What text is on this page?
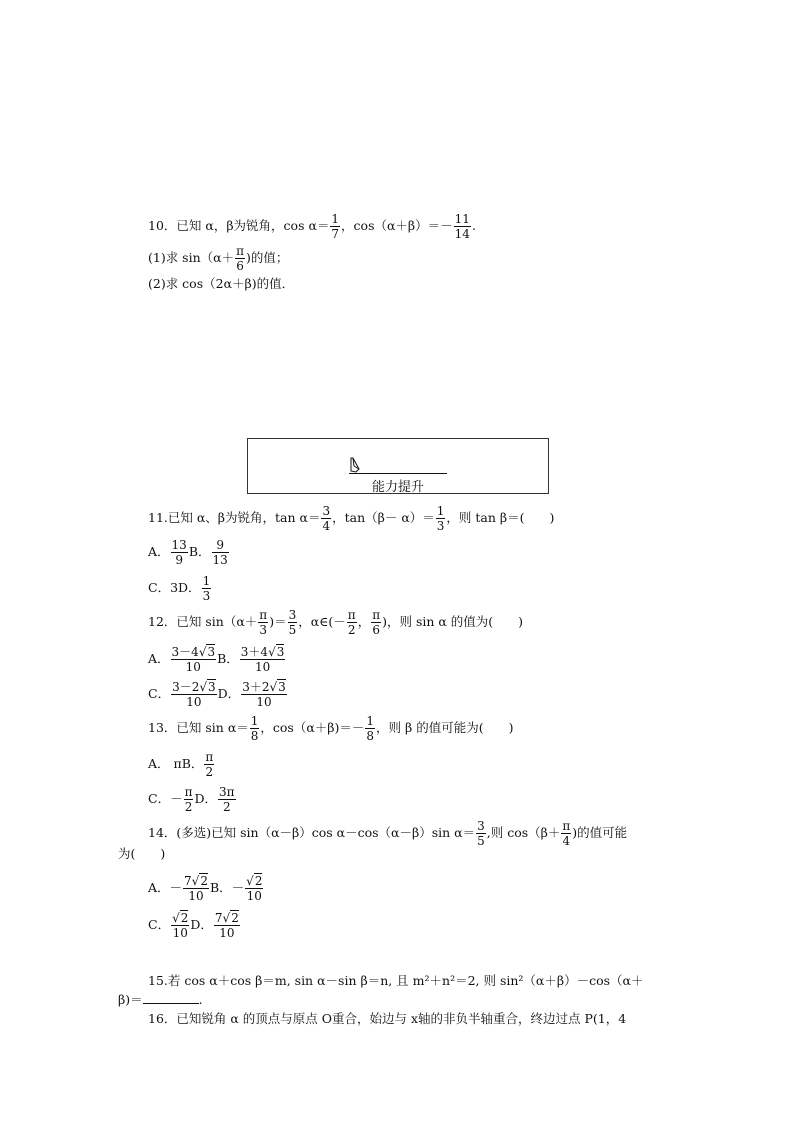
10．已知 α，β为锐角，$\cos \alpha= \frac{1}{7}$ ，$\cos(\alpha+\beta)=- \frac{11}{14}$ .
(1)求 $\sin(\alpha+ \frac{\pi}{6}$ )的值；
(2)求 cos（2α＋β)的值．
能力提升
11.已知 α、β为锐角，$\tan \alpha= \frac{3}{4}$ ，$\tan(\beta- \alpha)= \frac{1}{3}$ ，则 tan β＝(　　)
A． $\frac{13}{9}$ B． $\frac{9}{13}$
C．3D． $\frac{1}{3}$
12．已知 $\sin(\alpha+ \frac{\pi}{3}$ )＝ $\frac{3}{5}$ ，α∈(－ $\frac{\pi}{2}$ ， $\frac{\pi}{6}$ )，则 sin α 的值为(　　)
A． $\frac{3-4√3}{10}$ B． $\frac{3+4√3}{10}$
C． $\frac{3-2√3}{10}$ D． $\frac{3+2√3}{10}$
13．已知 $\sin \alpha= \frac{1}{8}$ ，$\cos(\alpha+\beta)=- \frac{1}{8}$ ，则 β 的值可能为(　　)
A． πB． $\frac{\pi}{2}$
C．－ $\frac{\pi}{2}$ D． $\frac{3\pi}{2}$
14．(多选)已知 sin（α－β）cos α－cos（α－β）sin $\alpha= \frac{3}{5}$ ,则 $\cos(\beta+ \frac{\pi}{4}$ )的值可能
为(　　)
A．－ $\frac{7√2}{10}$ B．－ $\frac{√2}{10}$
C． $\frac{√2}{10}$ D． $\frac{7√2}{10}$
15.若 cos α＋cos β＝m, sin α－sin β＝n, 且 m²＋n²＝2, 则 sin²（α＋β）－cos（α＋
β)＝	.
16．已知锐角 α 的顶点与原点 O重合，始边与 x轴的非负半轴重合，终边过点 P(1，4
